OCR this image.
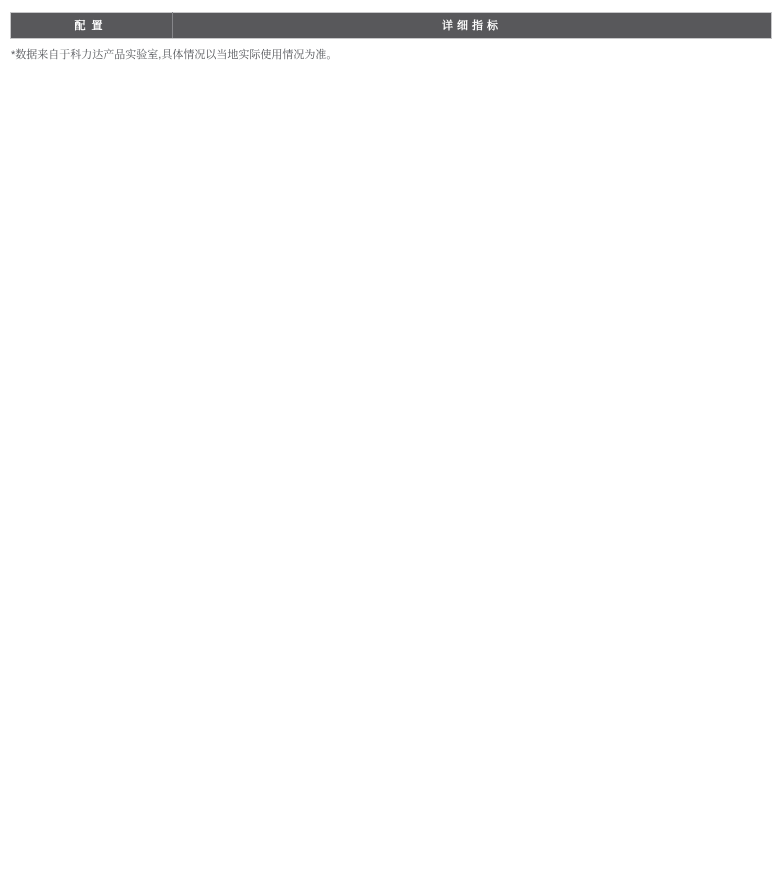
配置	详细指标
*数据来自于科力达产品实验室,具体情况以当地实际使用情况为准。
